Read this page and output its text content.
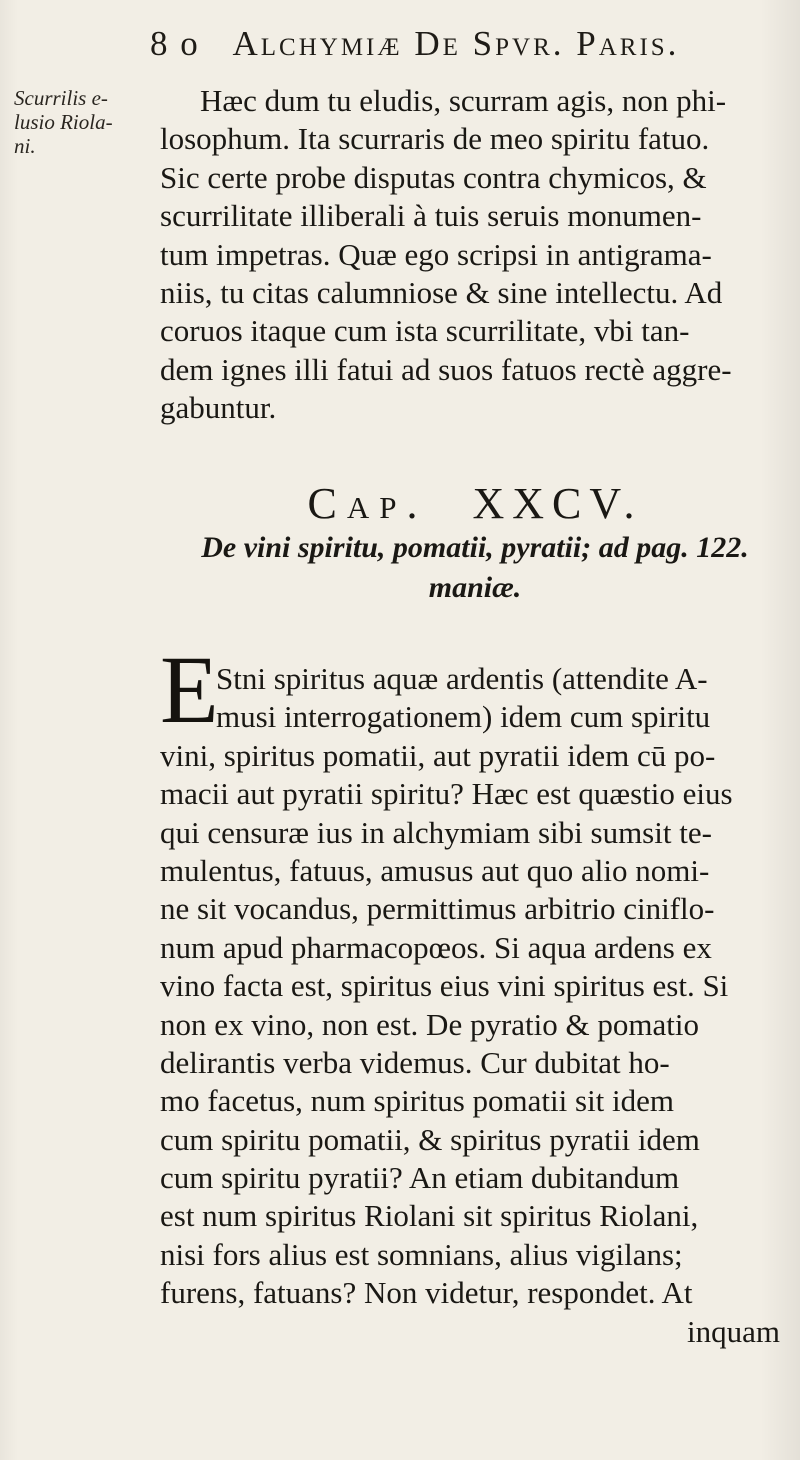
8 o Alchymiæ De Spvr. Paris.
Scurrilis e-
lusio Riola-
ni.
Hæc dum tu eludis, scurram agis, non phi-
losophum. Ita scurraris de meo spiritu fatuo.
Sic certe probe disputas contra chymicos, &
scurrilitate illiberali à tuis seruis monumen-
tum impetras. Quæ ego scripsi in antigrama-
niis, tu citas calumniose & sine intellectu. Ad
coruos itaque cum ista scurrilitate, vbi tan-
dem ignes illi fatui ad suos fatuos rectè aggre-
gabuntur.
Cap. XXCV.
De vini spiritu, pomatii, pyratii; ad pag. 122.
maniæ.
E
Stni spiritus aquæ ardentis (attendite A-
musi interrogationem) idem cum spiritu
vini, spiritus pomatii, aut pyratii idem cū po-
macii aut pyratii spiritu? Hæc est quæstio eius
qui censuræ ius in alchymiam sibi sumsit te-
mulentus, fatuus, amusus aut quo alio nomi-
ne sit vocandus, permittimus arbitrio ciniflo-
num apud pharmacopœos. Si aqua ardens ex
vino facta est, spiritus eius vini spiritus est. Si
non ex vino, non est. De pyratio & pomatio
delirantis verba videmus. Cur dubitat ho-
mo facetus, num spiritus pomatii sit idem
cum spiritu pomatii, & spiritus pyratii idem
cum spiritu pyratii? An etiam dubitandum
est num spiritus Riolani sit spiritus Riolani,
nisi fors alius est somnians, alius vigilans;
furens, fatuans? Non videtur, respondet. At
inquam
